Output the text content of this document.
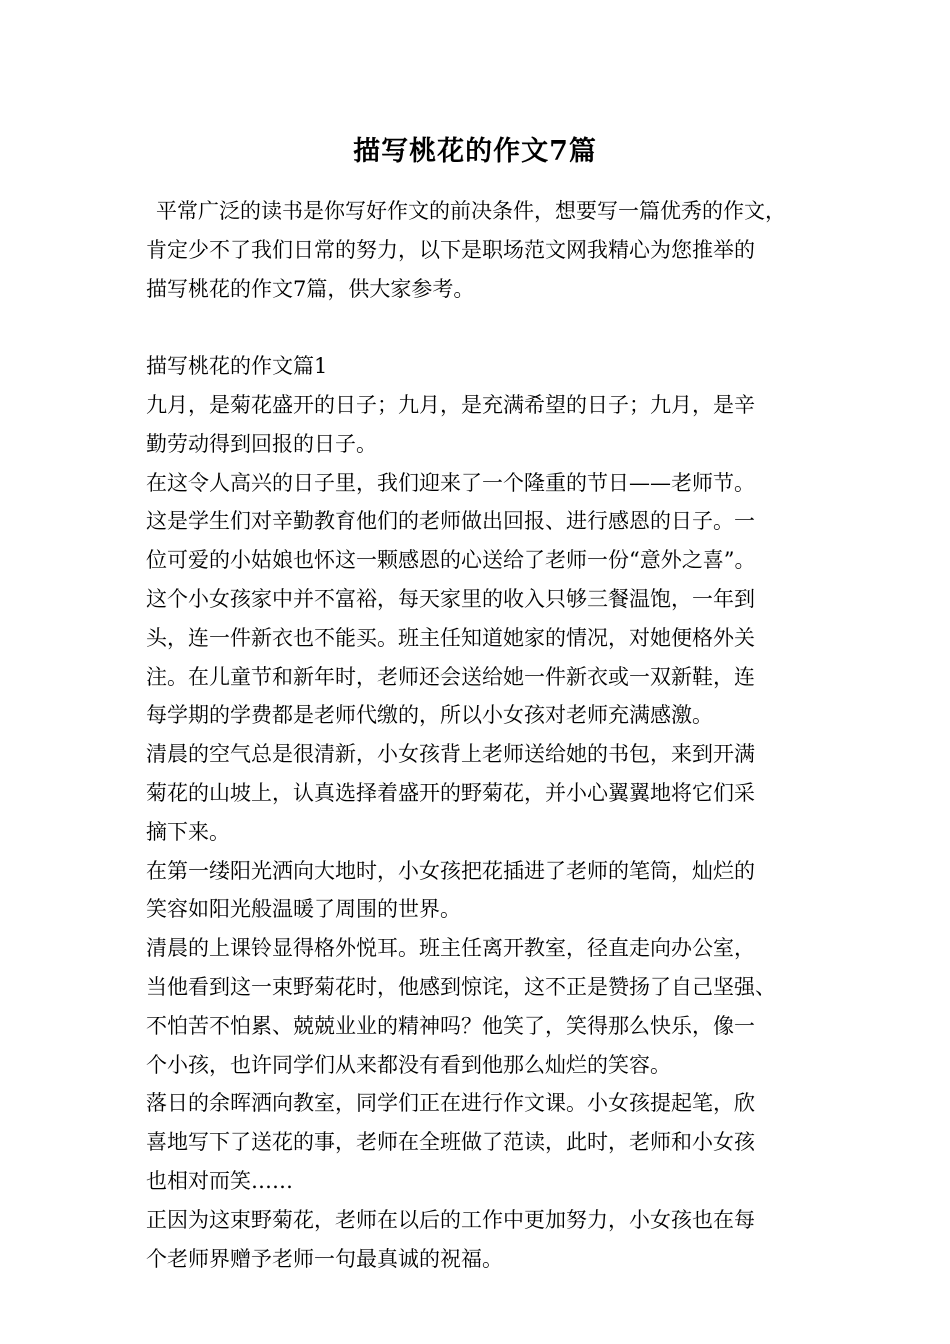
描写桃花的作文7篇

平常广泛的读书是你写好作文的前决条件，想要写一篇优秀的作文，

肯定少不了我们日常的努力，以下是职场范文网我精心为您推举的

描写桃花的作文7篇，供大家参考。

描写桃花的作文篇1

九月，是菊花盛开的日子；九月，是充满希望的日子；九月，是辛

勤劳动得到回报的日子。

在这令人高兴的日子里，我们迎来了一个隆重的节日——老师节。

这是学生们对辛勤教育他们的老师做出回报、进行感恩的日子。一

位可爱的小姑娘也怀这一颗感恩的心送给了老师一份“意外之喜”。

这个小女孩家中并不富裕，每天家里的收入只够三餐温饱，一年到

头，连一件新衣也不能买。班主任知道她家的情况，对她便格外关

注。在儿童节和新年时，老师还会送给她一件新衣或一双新鞋，连

每学期的学费都是老师代缴的，所以小女孩对老师充满感激。

清晨的空气总是很清新，小女孩背上老师送给她的书包，来到开满

菊花的山坡上，认真选择着盛开的野菊花，并小心翼翼地将它们采

摘下来。

在第一缕阳光洒向大地时，小女孩把花插进了老师的笔筒，灿烂的

笑容如阳光般温暖了周围的世界。

清晨的上课铃显得格外悦耳。班主任离开教室，径直走向办公室，

当他看到这一束野菊花时，他感到惊诧，这不正是赞扬了自己坚强、

不怕苦不怕累、兢兢业业的精神吗？他笑了，笑得那么快乐，像一

个小孩，也许同学们从来都没有看到他那么灿烂的笑容。

落日的余晖洒向教室，同学们正在进行作文课。小女孩提起笔，欣

喜地写下了送花的事，老师在全班做了范读，此时，老师和小女孩

也相对而笑……

正因为这束野菊花，老师在以后的工作中更加努力，小女孩也在每

个老师界赠予老师一句最真诚的祝福。
